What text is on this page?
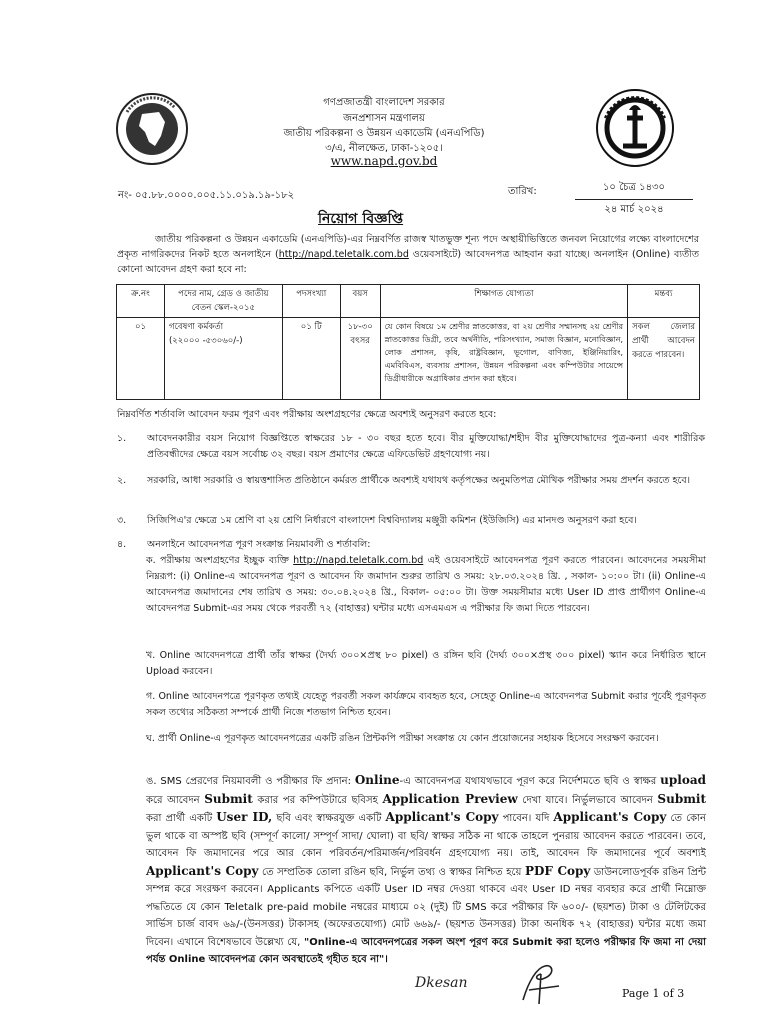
গণপ্রজাতন্ত্রী বাংলাদেশ সরকার
জনপ্রশাসন মন্ত্রণালয়
জাতীয় পরিকল্পনা ও উন্নয়ন একাডেমি (এনএপিডি)
৩/এ, নীলক্ষেত, ঢাকা-১২০৫।
www.napd.gov.bd
নং- ০৫.৮৮.০০০০.০০৫.১১.০১৯.১৯-১৮২	তারিখ:	১০ চৈত্র ১৪৩০
২৪ মার্চ ২০২৪
নিয়োগ বিজ্ঞপ্তি
জাতীয় পরিকল্পনা ও উন্নয়ন একাডেমি (এনএপিডি)-এর নিম্নবর্ণিত রাজস্ব খাতভুক্ত শূন্য পদে অস্থায়ীভিত্তিতে জনবল নিয়োগের লক্ষ্যে বাংলাদেশের প্রকৃত নাগরিকদের নিকট হতে অনলাইনে (http://napd.teletalk.com.bd ওয়েবসাইটে) আবেদনপত্র আহবান করা যাচ্ছে। অনলাইন (Online) ব্যতীত কোনো আবেদন গ্রহণ করা হবে না:
ক্র.নং	পদের নাম, গ্রেড ও জাতীয় বেতন স্কেল-২০১৫	পদসংখ্যা	বয়স	শিক্ষাগত যোগ্যতা	মন্তব্য
০১	গবেষণা কর্মকর্তা
(২২০০০ -৫৩০৬০/-)	০১ টি	১৮-৩০ বৎসর	যে কোন বিষয়ে ১ম শ্রেণীর স্নাতকোত্তর, বা ২য় শ্রেণীর সম্মানসহ ২য় শ্রেণীর স্নাতকোত্তর ডিগ্রী, তবে অর্থনীতি, পরিসংখ্যান, সমাজ বিজ্ঞান, মনোবিজ্ঞান, লোক প্রশাসন, কৃষি, রাষ্ট্রবিজ্ঞান, ভূগোল, বাণিজ্য, ইঞ্জিনিয়ারিং, এমবিবিএস, ব্যবসায় প্রশাসন, উন্নয়ন পরিকল্পনা এবং কম্পিউটার সায়েন্সে ডিগ্রীধারীকে অগ্রাধিকার প্রদান করা হইবে।	সকল জেলার প্রার্থী আবেদন করতে পারবেন।
নিম্নবর্ণিত শর্তাবলি আবেদন ফরম পূরণ এবং পরীক্ষায় অংশগ্রহণের ক্ষেত্রে অবশ্যই অনুসরণ করতে হবে:
১.	আবেদনকারীর বয়স নিয়োগ বিজ্ঞপ্তিতে স্বাক্ষরের ১৮ - ৩০ বছর হতে হবে। বীর মুক্তিযোদ্ধা/শহীদ বীর মুক্তিযোদ্ধাদের পুত্র-কন্যা এবং শারীরিক প্রতিবন্ধীদের ক্ষেত্রে বয়স সর্বোচ্চ ৩২ বছর। বয়স প্রমাণের ক্ষেত্রে এফিডেভিট গ্রহণযোগ্য নয়।
২.	সরকারি, আধা সরকারি ও স্বায়ত্তশাসিত প্রতিষ্ঠানে কর্মরত প্রার্থীকে অবশ্যই যথাযথ কর্তৃপক্ষের অনুমতিপত্র মৌখিক পরীক্ষার সময় প্রদর্শন করতে হবে।
৩.	সিজিপিএ'র ক্ষেত্রে ১ম শ্রেণি বা ২য় শ্রেণি নির্ধারণে বাংলাদেশ বিশ্ববিদ্যালয় মঞ্জুরী কমিশন (ইউজিসি) এর মানদণ্ড অনুসরণ করা হবে।
৪.	অনলাইনে আবেদনপত্র পূরণ সংক্রান্ত নিয়মাবলী ও শর্তাবলি:
ক. পরীক্ষায় অংশগ্রহণের ইচ্ছুক ব্যক্তি http://napd.teletalk.com.bd এই ওয়েবসাইটে আবেদনপত্র পূরণ করতে পারবেন। আবেদনের সময়সীমা নিম্নরূপ: (i) Online-এ আবেদনপত্র পূরণ ও আবেদন ফি জমাদান শুরুর তারিখ ও সময়: ২৮.০৩.২০২৪ খ্রি. , সকাল- ১০:০০ টা। (ii) Online-এ আবেদনপত্র জমাদানের শেষ তারিখ ও সময়: ৩০.০৪.২০২৪ খ্রি., বিকাল- ০৫:০০ টা। উক্ত সময়সীমার মধ্যে User ID প্রাপ্ত প্রার্থীগণ Online-এ আবেদনপত্র Submit-এর সময় থেকে পরবর্তী ৭২ (বাহাত্তর) ঘন্টার মধ্যে এসএমএস এ পরীক্ষার ফি জমা দিতে পারবেন।
খ. Online আবেদনপত্রে প্রার্থী তাঁর স্বাক্ষর (দৈর্ঘ্য ৩০০×প্রস্থ ৮০ pixel) ও রঙ্গিন ছবি (দৈর্ঘ্য ৩০০×প্রস্থ ৩০০ pixel) স্ক্যান করে নির্ধারিত স্থানে Upload করবেন।
গ. Online আবেদনপত্রে পূরণকৃত তথ্যই যেহেতু পরবর্তী সকল কার্যক্রমে ব্যবহৃত হবে, সেহেতু Online-এ আবেদনপত্র Submit করার পূর্বেই পূরণকৃত সকল তথ্যের সঠিকতা সম্পর্কে প্রার্থী নিজে শতভাগ নিশ্চিত হবেন।
ঘ. প্রার্থী Online-এ পূরণকৃত আবেদনপত্রের একটি রঙিন প্রিন্টকপি পরীক্ষা সংক্রান্ত যে কোন প্রয়োজনের সহায়ক হিসেবে সংরক্ষণ করবেন।
ঙ. SMS প্রেরণের নিয়মাবলী ও পরীক্ষার ফি প্রদান: Online-এ আবেদনপত্র যথাযথভাবে পূরণ করে নির্দেশমতে ছবি ও স্বাক্ষর upload করে আবেদন Submit করার পর কম্পিউটারে ছবিসহ Application Preview দেখা যাবে। নির্ভুলভাবে আবেদন Submit করা প্রার্থী একটি User ID, ছবি এবং স্বাক্ষরযুক্ত একটি Applicant's Copy পাবেন। যদি Applicant's Copy তে কোন ভুল থাকে বা অস্পষ্ট ছবি (সম্পূর্ণ কালো/ সম্পূর্ণ সাদা/ ঘোলা) বা ছবি/ স্বাক্ষর সঠিক না থাকে তাহলে পুনরায় আবেদন করতে পারবেন। তবে, আবেদন ফি জমাদানের পরে আর কোন পরিবর্তন/পরিমার্জন/পরিবর্ধন গ্রহণযোগ্য নয়। তাই, আবেদন ফি জমাদানের পূর্বে অবশ্যই Applicant's Copy তে সম্প্রতিক তোলা রঙিন ছবি, নির্ভুল তথ্য ও স্বাক্ষর নিশ্চিত হয়ে PDF Copy ডাউনলোডপূর্বক রঙিন প্রিন্ট সম্পন্ন করে সংরক্ষণ করবেন। Applicants কপিতে একটি User ID নম্বর দেওয়া থাকবে এবং User ID নম্বর ব্যবহার করে প্রার্থী নিম্নোক্ত পদ্ধতিতে যে কোন Teletalk pre-paid mobile নম্বরের মাধ্যমে ০২ (দুই) টি SMS করে পরীক্ষার ফি ৬০০/- (ছয়শত) টাকা ও টেলিটকের সার্ভিস চার্জ বাবদ ৬৯/-(উনসত্তর) টাকাসহ (অফেরতযোগ্য) মোট ৬৬৯/- (ছয়শত উনসত্তর) টাকা অনধিক ৭২ (বাহাত্তর) ঘন্টার মধ্যে জমা দিবেন। এখানে বিশেষভাবে উল্লেখ্য যে, "Online-এ আবেদনপত্রের সকল অংশ পূরণ করে Submit করা হলেও পরীক্ষার ফি জমা না দেয়া পর্যন্ত Online আবেদনপত্র কোন অবস্থাতেই গৃহীত হবে না"।
Dkesan
Page 1 of 3
